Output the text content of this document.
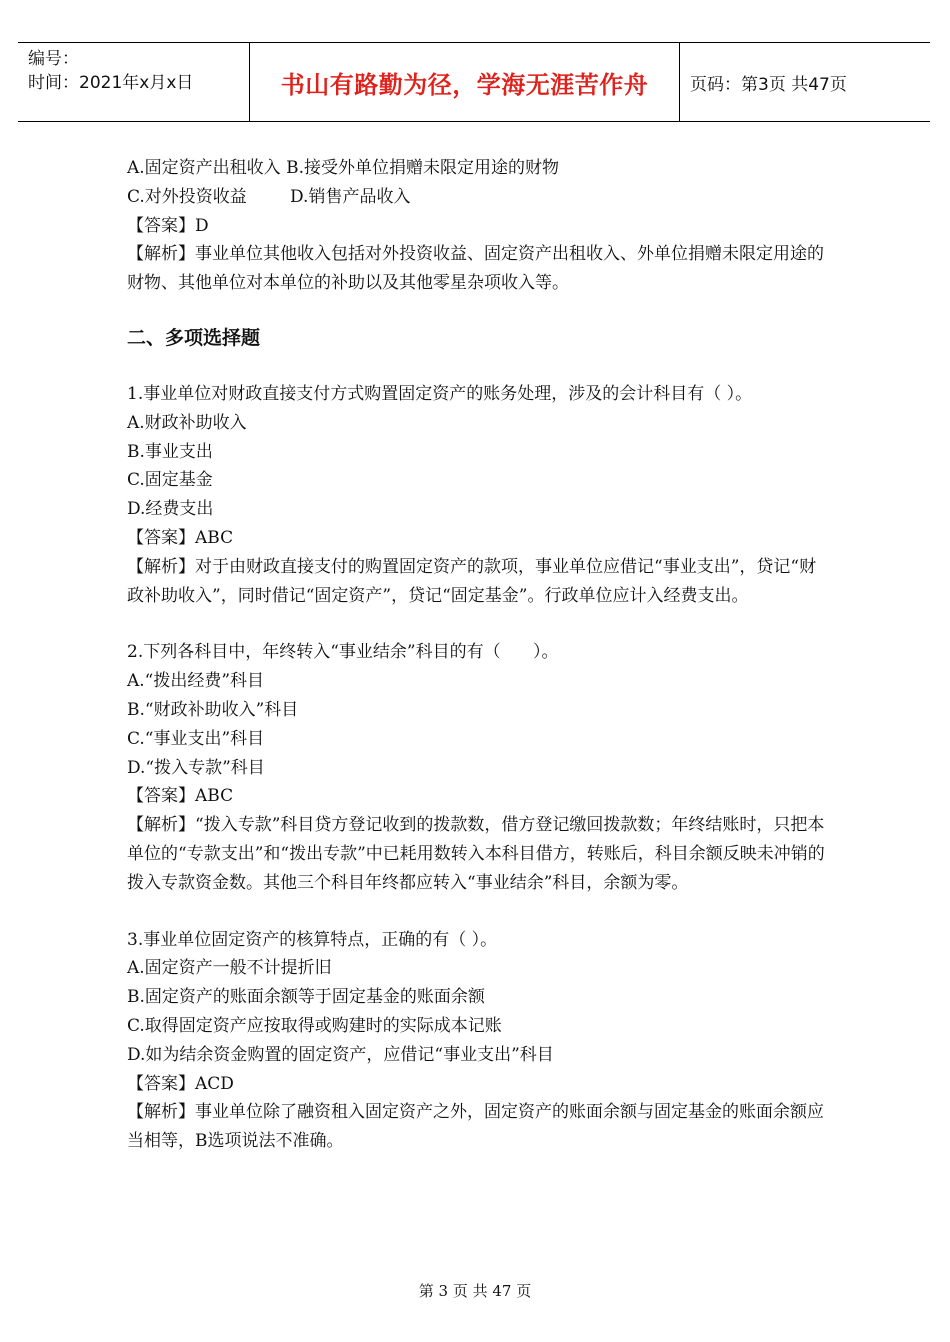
编号：
时间：2021年x月x日	书山有路勤为径，学海无涯苦作舟	页码：第3页 共47页
A.固定资产出租收入 B.接受外单位捐赠未限定用途的财物
C.对外投资收益        D.销售产品收入
【答案】D
【解析】事业单位其他收入包括对外投资收益、固定资产出租收入、外单位捐赠未限定用途的财物、其他单位对本单位的补助以及其他零星杂项收入等。
二、多项选择题
1.事业单位对财政直接支付方式购置固定资产的账务处理，涉及的会计科目有（ ）。
A.财政补助收入
B.事业支出
C.固定基金
D.经费支出
【答案】ABC
【解析】对于由财政直接支付的购置固定资产的款项，事业单位应借记“事业支出”，贷记“财政补助收入”，同时借记“固定资产”，贷记“固定基金”。行政单位应计入经费支出。
2.下列各科目中，年终转入“事业结余”科目的有（      ）。
A.“拨出经费”科目
B.“财政补助收入”科目
C.“事业支出”科目
D.“拨入专款”科目
【答案】ABC
【解析】“拨入专款”科目贷方登记收到的拨款数，借方登记缴回拨款数；年终结账时，只把本单位的“专款支出”和“拨出专款”中已耗用数转入本科目借方，转账后，科目余额反映未冲销的拨入专款资金数。其他三个科目年终都应转入“事业结余”科目，余额为零。
3.事业单位固定资产的核算特点，正确的有（ ）。
A.固定资产一般不计提折旧
B.固定资产的账面余额等于固定基金的账面余额
C.取得固定资产应按取得或购建时的实际成本记账
D.如为结余资金购置的固定资产，应借记“事业支出”科目
【答案】ACD
【解析】事业单位除了融资租入固定资产之外，固定资产的账面余额与固定基金的账面余额应当相等，B选项说法不准确。
第 3 页 共 47 页
